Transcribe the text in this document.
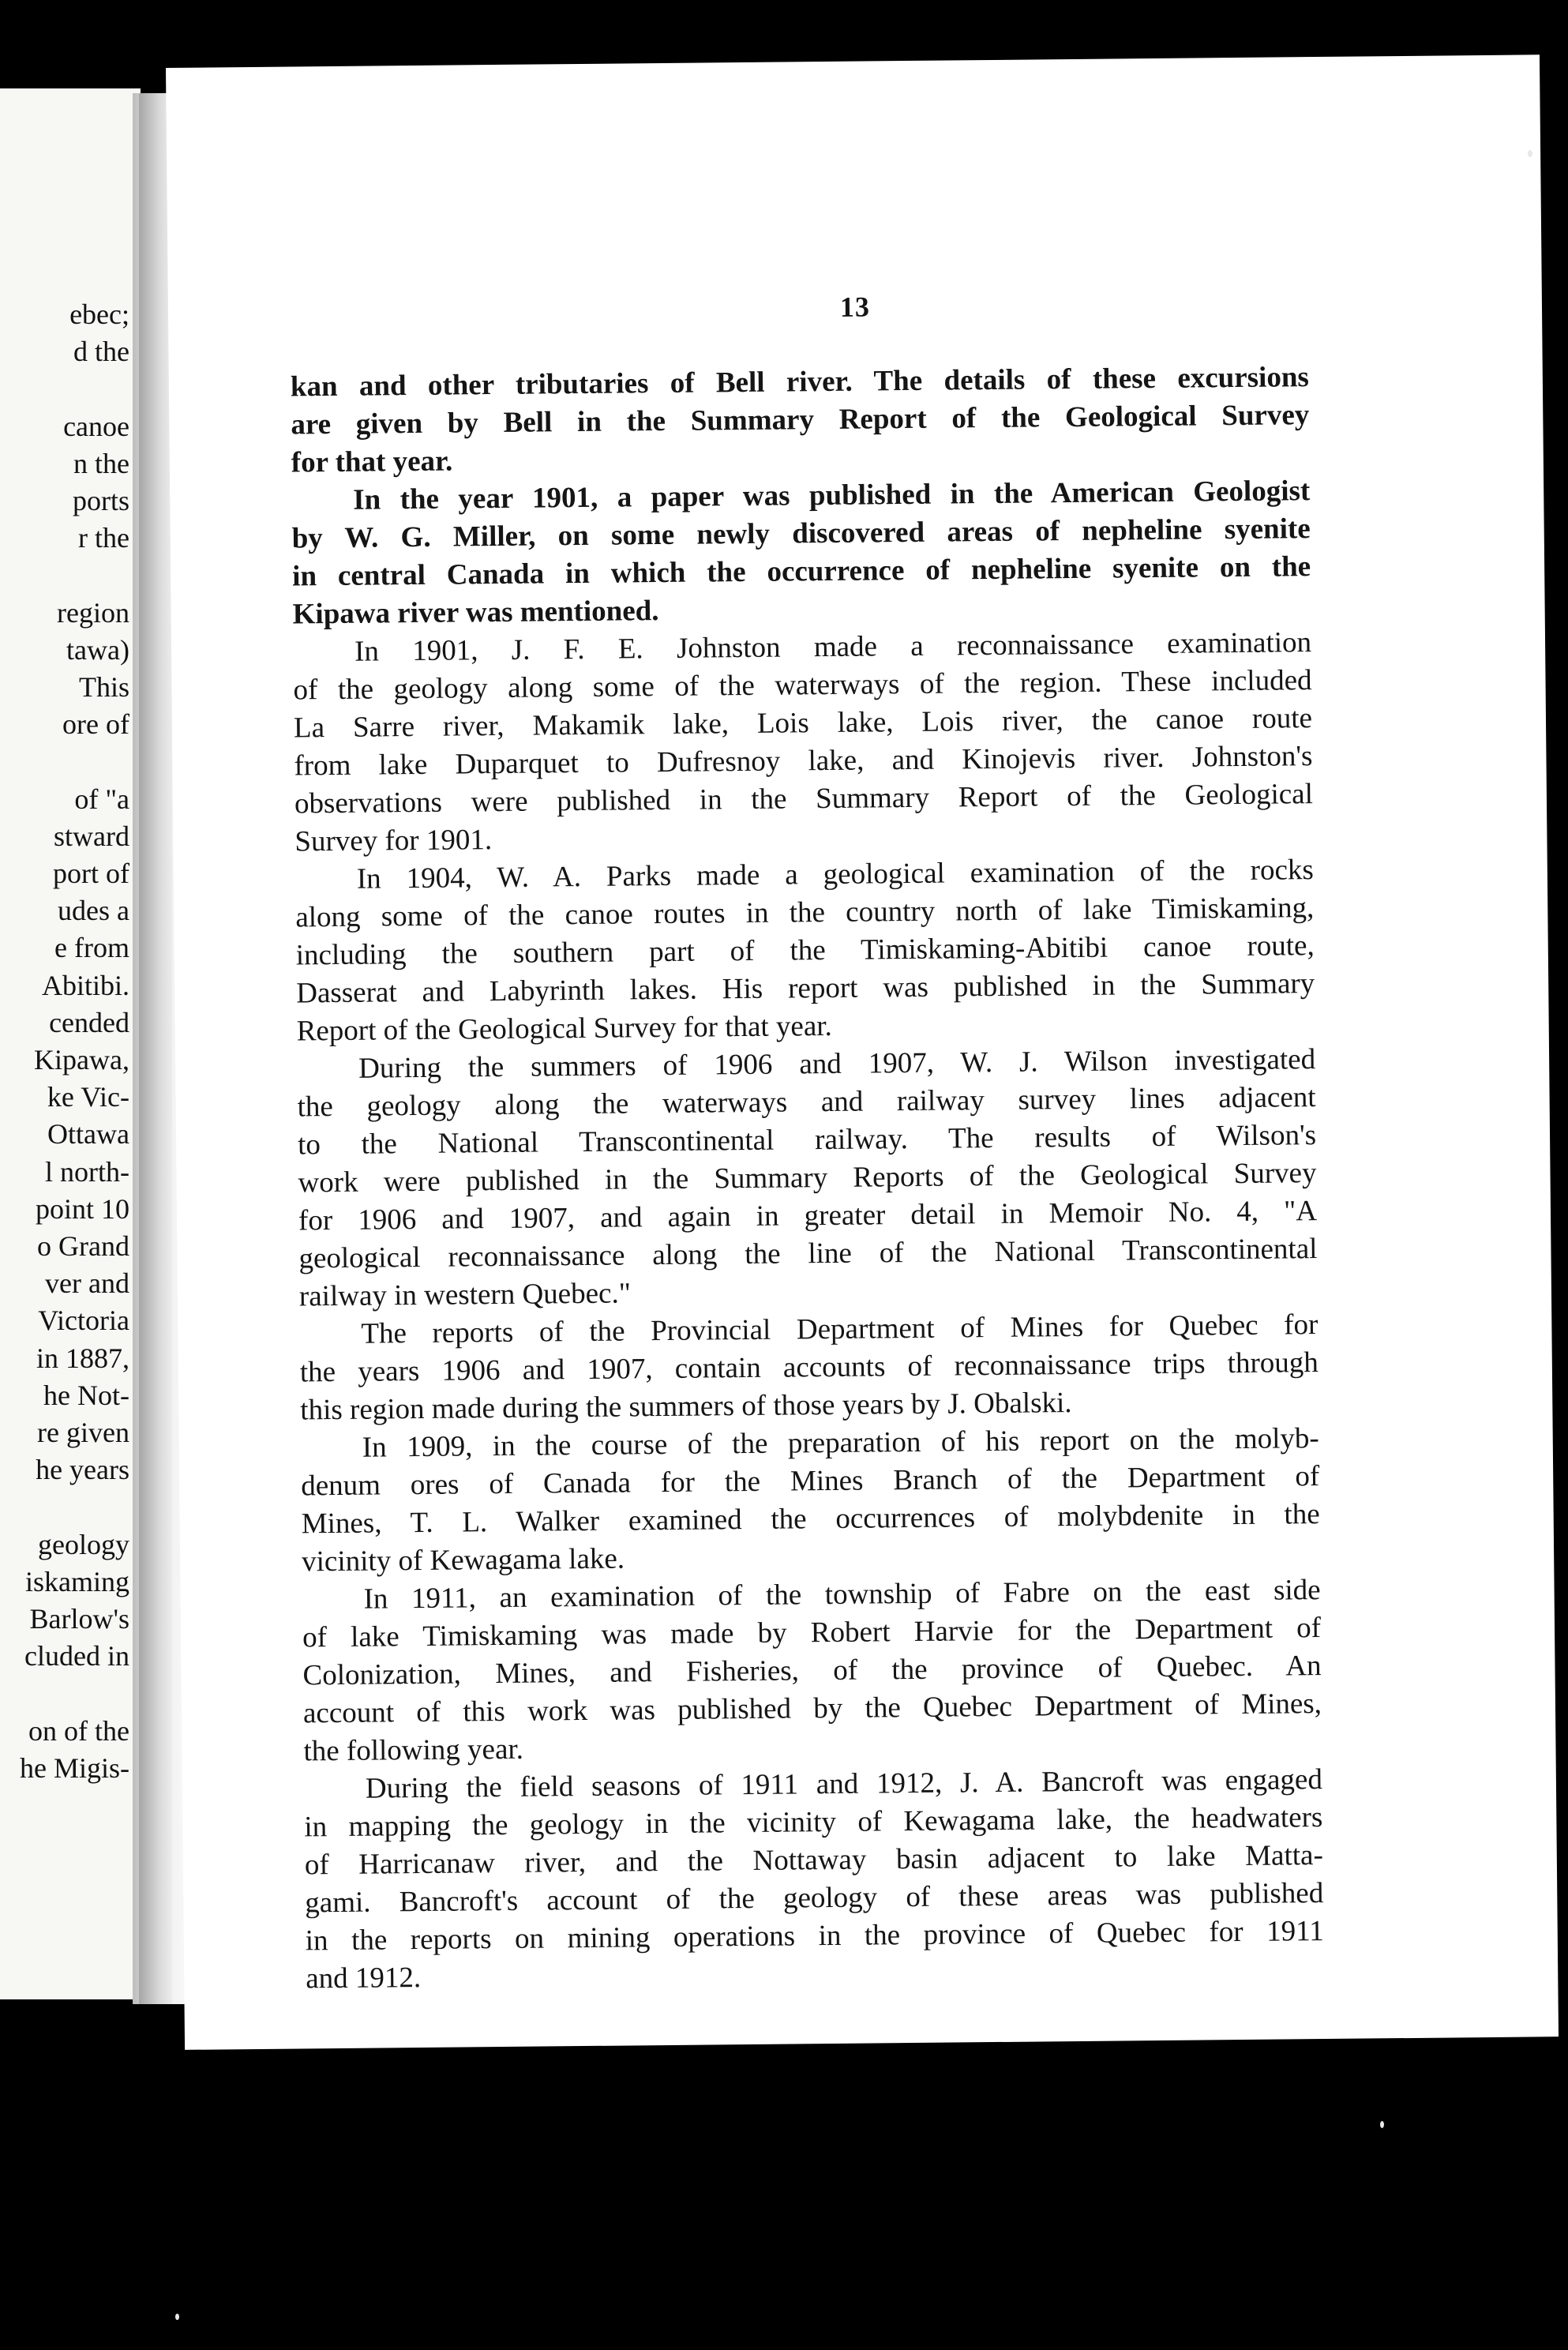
ebec;
d the
canoe
n the
ports
r the
region
tawa)
This
ore of
of "a
stward
port of
udes a
e from
Abitibi.
cended
Kipawa,
ke Vic-
Ottawa
l north-
point 10
o Grand
ver and
Victoria
in 1887,
he Not-
re given
he years
geology
iskaming
Barlow's
cluded in
on of the
he Migis-
13
kan and other tributaries of Bell river. The details of these excursions
are given by Bell in the Summary Report of the Geological Survey
for that year.
In the year 1901, a paper was published in the American Geologist
by W. G. Miller, on some newly discovered areas of nepheline syenite
in central Canada in which the occurrence of nepheline syenite on the
Kipawa river was mentioned.
In 1901, J. F. E. Johnston made a reconnaissance examination
of the geology along some of the waterways of the region. These included
La Sarre river, Makamik lake, Lois lake, Lois river, the canoe route
from lake Duparquet to Dufresnoy lake, and Kinojevis river. Johnston's
observations were published in the Summary Report of the Geological
Survey for 1901.
In 1904, W. A. Parks made a geological examination of the rocks
along some of the canoe routes in the country north of lake Timiskaming,
including the southern part of the Timiskaming-Abitibi canoe route,
Dasserat and Labyrinth lakes. His report was published in the Summary
Report of the Geological Survey for that year.
During the summers of 1906 and 1907, W. J. Wilson investigated
the geology along the waterways and railway survey lines adjacent
to the National Transcontinental railway. The results of Wilson's
work were published in the Summary Reports of the Geological Survey
for 1906 and 1907, and again in greater detail in Memoir No. 4, "A
geological reconnaissance along the line of the National Transcontinental
railway in western Quebec."
The reports of the Provincial Department of Mines for Quebec for
the years 1906 and 1907, contain accounts of reconnaissance trips through
this region made during the summers of those years by J. Obalski.
In 1909, in the course of the preparation of his report on the molyb-
denum ores of Canada for the Mines Branch of the Department of
Mines, T. L. Walker examined the occurrences of molybdenite in the
vicinity of Kewagama lake.
In 1911, an examination of the township of Fabre on the east side
of lake Timiskaming was made by Robert Harvie for the Department of
Colonization, Mines, and Fisheries, of the province of Quebec. An
account of this work was published by the Quebec Department of Mines,
the following year.
During the field seasons of 1911 and 1912, J. A. Bancroft was engaged
in mapping the geology in the vicinity of Kewagama lake, the headwaters
of Harricanaw river, and the Nottaway basin adjacent to lake Matta-
gami. Bancroft's account of the geology of these areas was published
in the reports on mining operations in the province of Quebec for 1911
and 1912.
